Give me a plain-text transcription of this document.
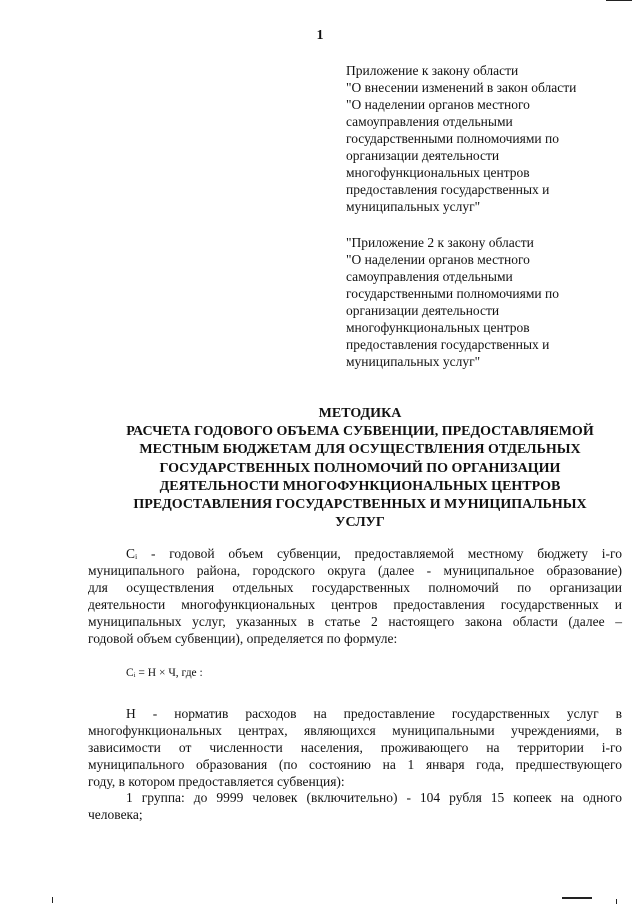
1
Приложение к закону области
"О внесении изменений в закон области
"О наделении органов местного
самоуправления отдельными
государственными полномочиями по
организации деятельности
многофункциональных центров
предоставления государственных и
муниципальных услуг"
"Приложение 2 к закону области
"О наделении органов местного
самоуправления отдельными
государственными полномочиями по
организации деятельности
многофункциональных центров
предоставления государственных и
муниципальных услуг"
МЕТОДИКА
РАСЧЕТА ГОДОВОГО ОБЪЕМА СУБВЕНЦИИ, ПРЕДОСТАВЛЯЕМОЙ
МЕСТНЫМ БЮДЖЕТАМ ДЛЯ ОСУЩЕСТВЛЕНИЯ ОТДЕЛЬНЫХ
ГОСУДАРСТВЕННЫХ ПОЛНОМОЧИЙ ПО ОРГАНИЗАЦИИ
ДЕЯТЕЛЬНОСТИ МНОГОФУНКЦИОНАЛЬНЫХ ЦЕНТРОВ
ПРЕДОСТАВЛЕНИЯ ГОСУДАРСТВЕННЫХ И МУНИЦИПАЛЬНЫХ
УСЛУГ
Cᵢ - годовой объем субвенции, предоставляемой местному бюджету i-го
муниципального района, городского округа (далее - муниципальное образование)
для осуществления отдельных государственных полномочий по организации
деятельности многофункциональных центров предоставления государственных и
муниципальных услуг, указанных в статье 2 настоящего закона области (далее –
годовой объем субвенции), определяется по формуле:
Cᵢ = Н × Ч, где :
Н - норматив расходов на предоставление государственных услуг в
многофункциональных центрах, являющихся муниципальными учреждениями, в
зависимости от численности населения, проживающего на территории i-го
муниципального образования (по состоянию на 1 января года, предшествующего
году, в котором предоставляется субвенция):
1 группа: до 9999 человек (включительно) - 104 рубля 15 копеек на одного
человека;
